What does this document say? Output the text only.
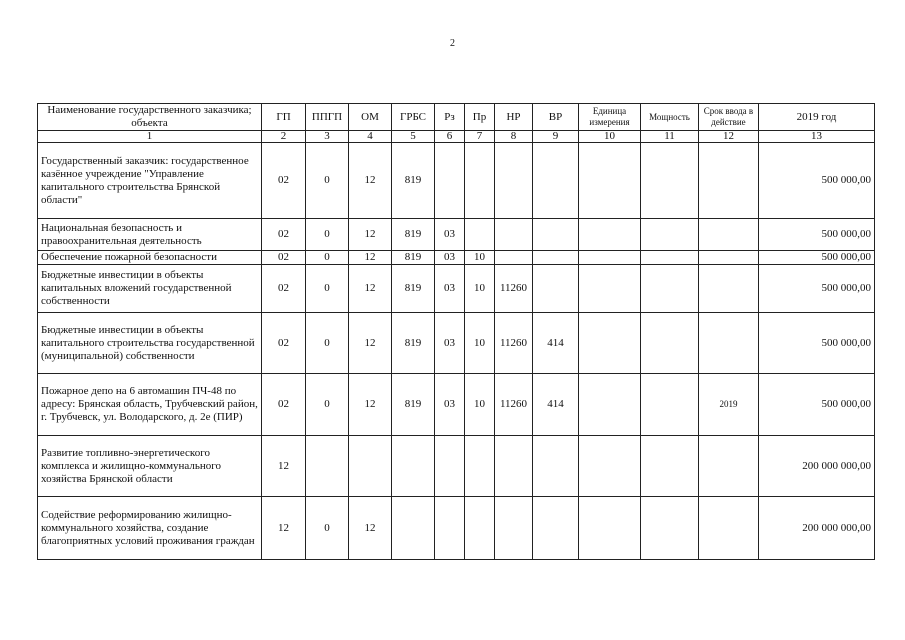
2
Наименование государственного заказчика; объекта	ГП	ППГП	ОМ	ГРБС	Рз	Пр	НР	ВР	Единица измерения	Мощность	Срок ввода в действие	2019 год
1	2	3	4	5	6	7	8	9	10	11	12	13
Государственный заказчик: государственное казённое учреждение "Управление капитального строительства Брянской области"	02	0	12	819								500 000,00
Национальная безопасность и правоохранительная деятельность	02	0	12	819	03							500 000,00
Обеспечение пожарной безопасности	02	0	12	819	03	10						500 000,00
Бюджетные инвестиции в объекты капитальных вложений государственной собственности	02	0	12	819	03	10	11260					500 000,00
Бюджетные инвестиции в объекты капитального строительства государственной (муниципальной) собственности	02	0	12	819	03	10	11260	414				500 000,00
Пожарное депо на 6 автомашин ПЧ-48 по адресу: Брянская область, Трубчевский район, г. Трубчевск, ул. Володарского, д. 2е (ПИР)	02	0	12	819	03	10	11260	414			2019	500 000,00
Развитие топливно-энергетического комплекса и жилищно-коммунального хозяйства Брянской области	12											200 000 000,00
Содействие реформированию жилищно-коммунального хозяйства, создание благоприятных условий проживания граждан	12	0	12									200 000 000,00
